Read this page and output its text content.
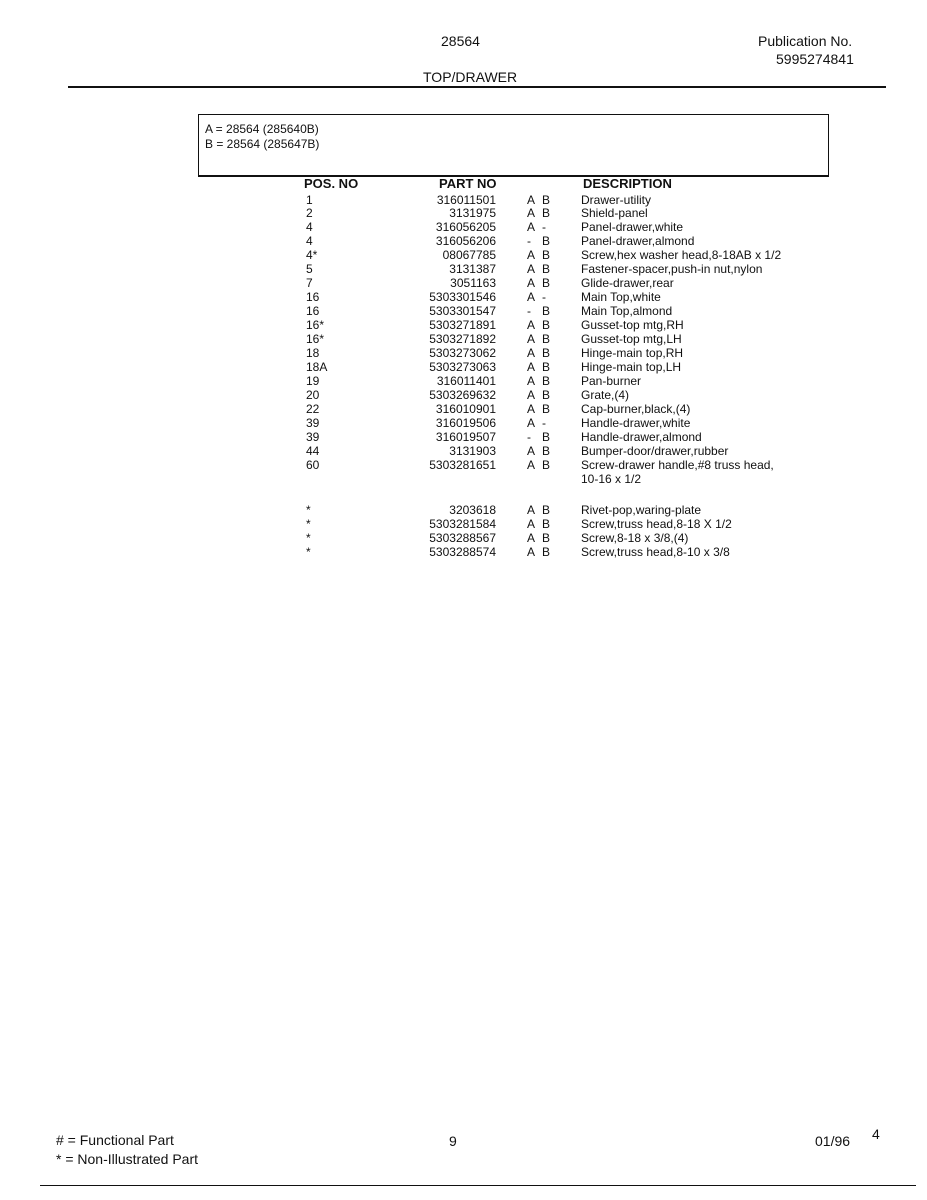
28564
TOP/DRAWER
Publication No.
5995274841
A = 28564 (285640B)
B = 28564 (285647B)
POS. NO	PART NO	DESCRIPTION
1	316011501	A B	Drawer-utility
2	3131975	A B	Shield-panel
4	316056205	A -	Panel-drawer,white
4	316056206	- B	Panel-drawer,almond
4*	08067785	A B	Screw,hex washer head,8-18AB x 1/2
5	3131387	A B	Fastener-spacer,push-in nut,nylon
7	3051163	A B	Glide-drawer,rear
16	5303301546	A -	Main Top,white
16	5303301547	- B	Main Top,almond
16*	5303271891	A B	Gusset-top mtg,RH
16*	5303271892	A B	Gusset-top mtg,LH
18	5303273062	A B	Hinge-main top,RH
18A	5303273063	A B	Hinge-main top,LH
19	316011401	A B	Pan-burner
20	5303269632	A B	Grate,(4)
22	316010901	A B	Cap-burner,black,(4)
39	316019506	A -	Handle-drawer,white
39	316019507	- B	Handle-drawer,almond
44	3131903	A B	Bumper-door/drawer,rubber
60	5303281651	A B	Screw-drawer handle,#8 truss head,
10-16 x 1/2
*	3203618	A B	Rivet-pop,waring-plate
*	5303281584	A B	Screw,truss head,8-18 X 1/2
*	5303288567	A B	Screw,8-18 x 3/8,(4)
*	5303288574	A B	Screw,truss head,8-10 x 3/8
# = Functional Part
* = Non-Illustrated Part
9	01/96 4
